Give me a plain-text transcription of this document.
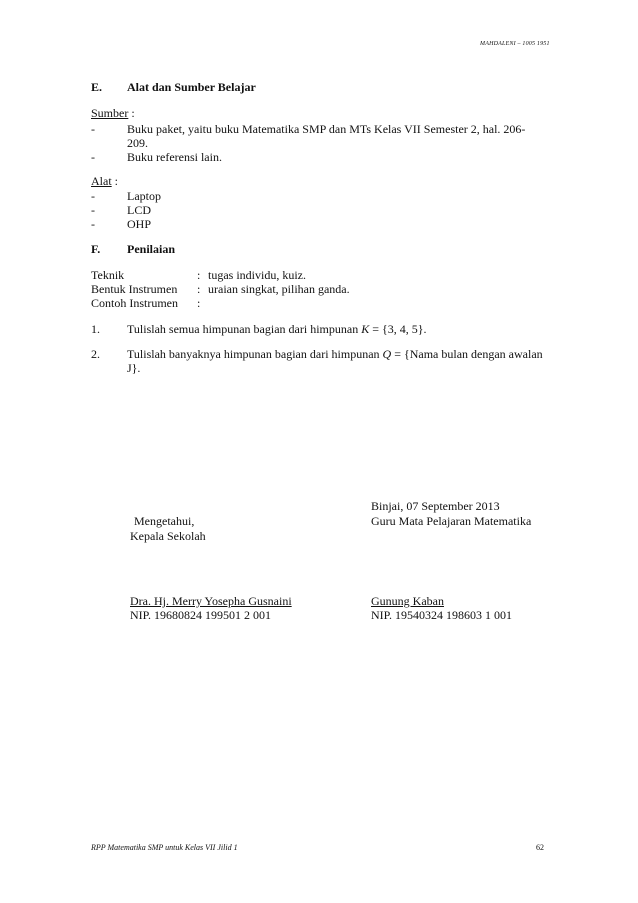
MAHDALENI – 1005 1951
E. Alat dan Sumber Belajar
Sumber :
-	Buku paket, yaitu buku Matematika SMP dan MTs Kelas VII Semester 2, hal. 206-
209.
-	Buku referensi lain.
Alat :
-	Laptop
-	LCD
-	OHP
F. Penilaian
Teknik	: tugas individu, kuiz.
Bentuk Instrumen : uraian singkat, pilihan ganda.
Contoh Instrumen :
1. Tulislah semua himpunan bagian dari himpunan K = {3, 4, 5}.
2. Tulislah banyaknya himpunan bagian dari himpunan Q = {Nama bulan dengan awalan
J}.
Binjai, 07 September 2013
Mengetahui,	Guru Mata Pelajaran Matematika
Kepala Sekolah
Dra. Hj. Merry Yosepha Gusnaini	Gunung Kaban
NIP. 19680824 199501 2 001	NIP. 19540324 198603 1 001
RPP Matematika SMP untuk Kelas VII Jilid 1	62
